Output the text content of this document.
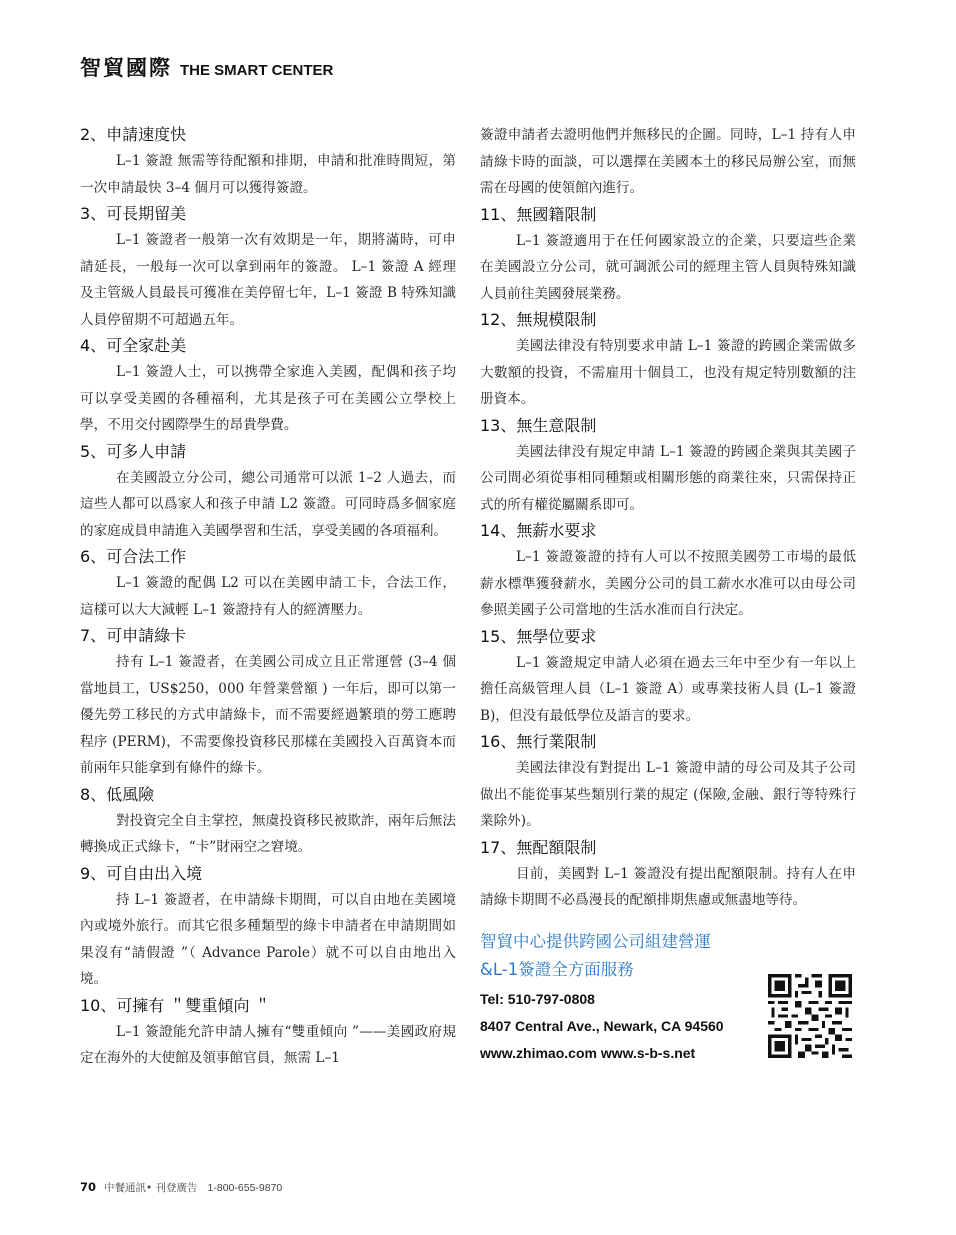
智貿國際 THE SMART CENTER

2、申請速度快

L–1 簽證 無需等待配額和排期，申請和批准時間短，第一次申請最快 3–4 個月可以獲得簽證。

3、可長期留美

L–1 簽證者一般第一次有效期是一年，期將滿時，可申請延長，一般每一次可以拿到兩年的簽證。 L–1 簽證 A 經理及主管級人員最長可獲准在美停留七年，L–1 簽證 B 特殊知識人員停留期不可超過五年。

4、可全家赴美

L–1 簽證人士，可以携帶全家進入美國，配偶和孩子均可以享受美國的各種福利，尤其是孩子可在美國公立學校上學，不用交付國際學生的昂貴學費。

5、可多人申請

在美國設立分公司，總公司通常可以派 1–2 人過去，而這些人都可以爲家人和孩子申請 L2 簽證。可同時爲多個家庭的家庭成員申請進入美國學習和生活，享受美國的各項福利。

6、可合法工作

L–1 簽證的配偶 L2 可以在美國申請工卡，合法工作，這樣可以大大減輕 L–1 簽證持有人的經濟壓力。

7、可申請綠卡

持有 L–1 簽證者，在美國公司成立且正常運營 (3–4 個當地員工，US$250，000 年營業營額 ) 一年后，即可以第一優先勞工移民的方式申請綠卡，而不需要經過繁瑣的勞工應聘程序 (PERM)，不需要像投資移民那樣在美國投入百萬資本而前兩年只能拿到有條件的綠卡。

8、低風險

對投資完全自主掌控，無虞投資移民被欺詐，兩年后無法轉換成正式綠卡，“卡”財兩空之窘境。

9、可自由出入境

持 L–1 簽證者，在申請綠卡期間，可以自由地在美國境內或境外旅行。而其它很多種類型的綠卡申請者在申請期間如果沒有“請假證 ”（ Advance Parole）就不可以自由地出入境。

10、可擁有 ＂雙重傾向 ＂

L–1 簽證能允許申請人擁有“雙重傾向 ”——美國政府規定在海外的大使館及領事館官員，無需 L–1

簽證申請者去證明他們并無移民的企圖。同時，L–1 持有人申請綠卡時的面談，可以選擇在美國本土的移民局辦公室，而無需在母國的使領館內進行。

11、無國籍限制

L–1 簽證適用于在任何國家設立的企業，只要這些企業在美國設立分公司，就可調派公司的經理主管人員與特殊知識人員前往美國發展業務。

12、無規模限制

美國法律没有特別要求申請 L–1 簽證的跨國企業需做多大數額的投資，不需雇用十個員工，也没有規定特別數額的注册資本。

13、無生意限制

美國法律没有規定申請 L–1 簽證的跨國企業與其美國子公司間必須從事相同種類或相關形態的商業往來，只需保持正式的所有權從屬關系即可。

14、無薪水要求

L–1 簽證簽證的持有人可以不按照美國勞工市場的最低薪水標準獲發薪水，美國分公司的員工薪水水准可以由母公司參照美國子公司當地的生活水准而自行決定。

15、無學位要求

L–1 簽證規定申請人必須在過去三年中至少有一年以上擔任高級管理人員（L–1 簽證 A）或專業技術人員 (L–1 簽證 B)，但没有最低學位及語言的要求。

16、無行業限制

美國法律没有對提出 L–1 簽證申請的母公司及其子公司做出不能從事某些類別行業的規定 (保險,金融、銀行等特殊行業除外)。

17、無配額限制

目前，美國對 L–1 簽證没有提出配額限制。持有人在申請綠卡期間不必爲漫長的配額排期焦慮或無盡地等待。

智貿中心提供跨國公司組建營運

&L-1簽證全方面服務

Tel: 510-797-0808

8407 Central Ave., Newark, CA 94560

www.zhimao.com www.s-b-s.net

70 中餐通訊• 刊登廣告 1-800-655-9870
